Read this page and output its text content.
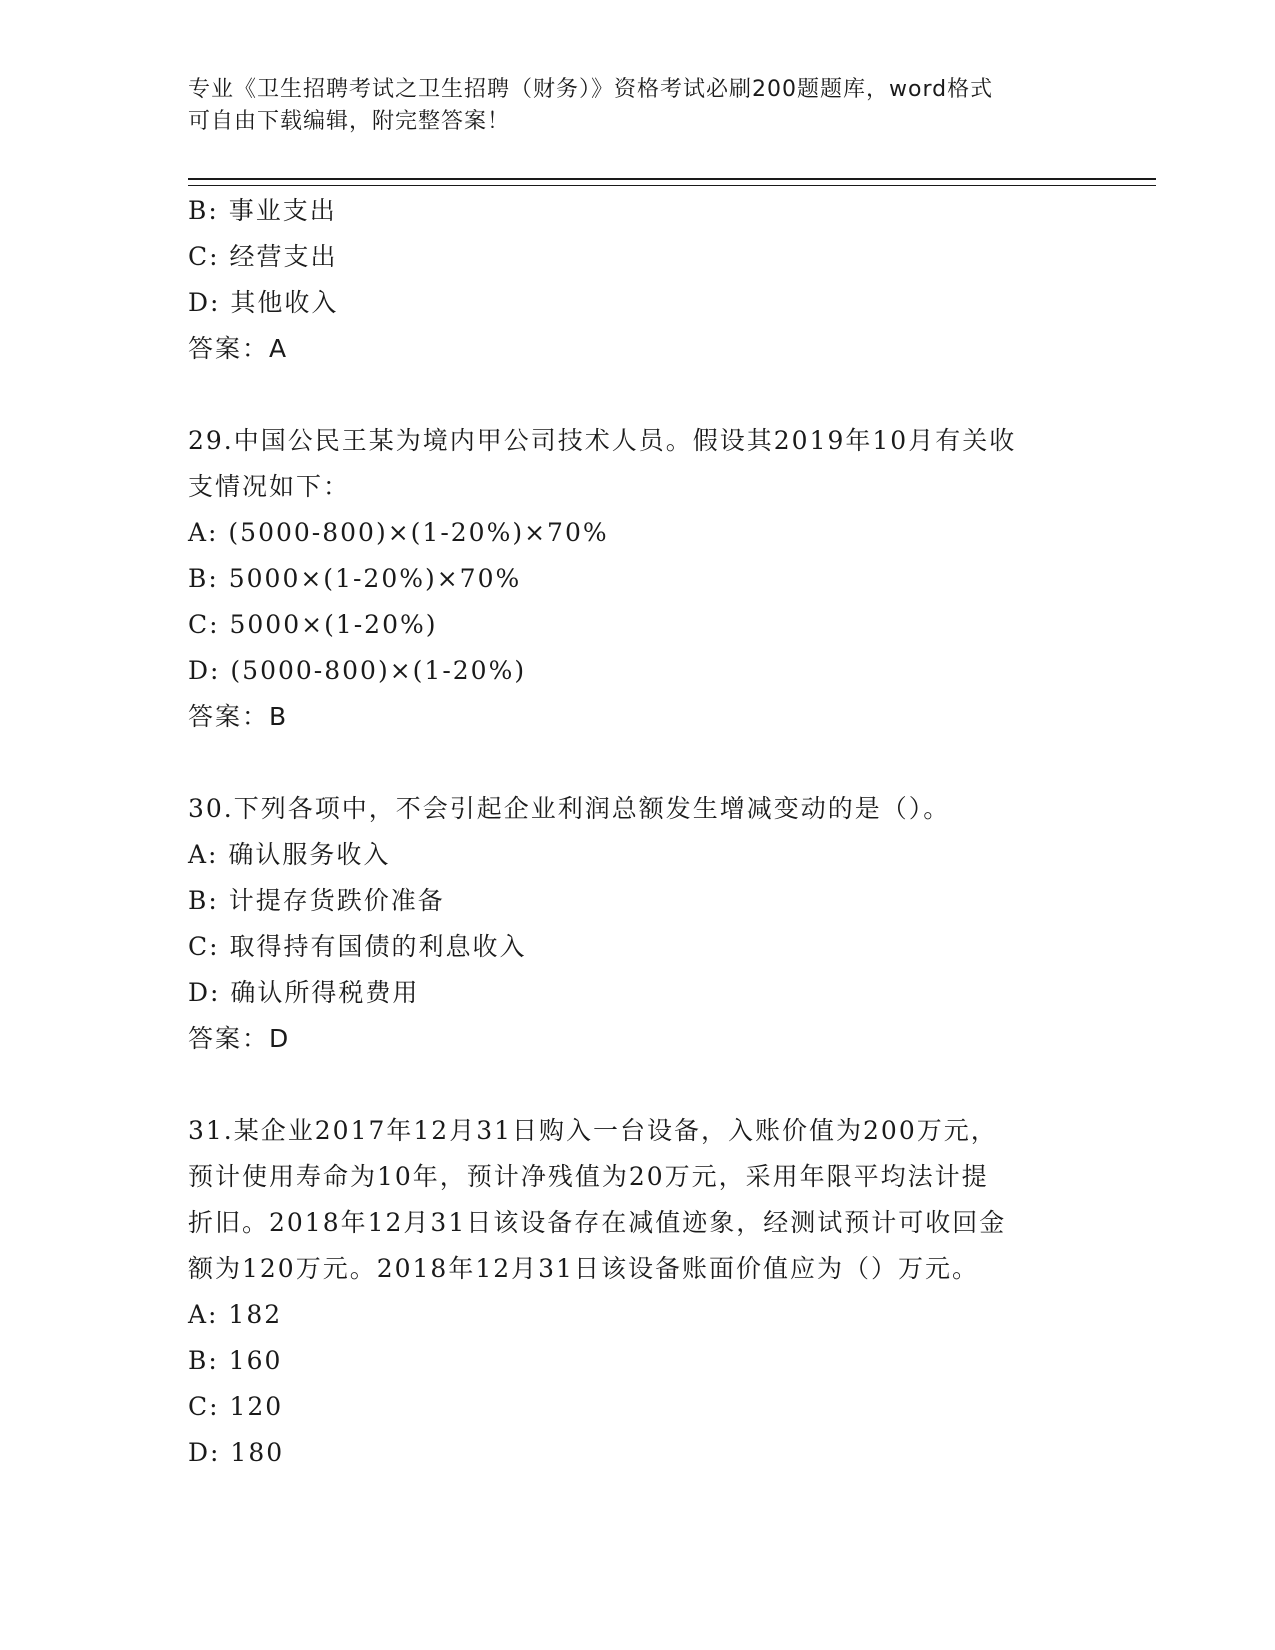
专业《卫生招聘考试之卫生招聘（财务）》资格考试必刷200题题库，word格式
可自由下载编辑，附完整答案！
B: 事业支出
C: 经营支出
D: 其他收入
答案：A
29.中国公民王某为境内甲公司技术人员。假设其2019年10月有关收
支情况如下：
A: (5000-800)×(1-20%)×70%
B: 5000×(1-20%)×70%
C: 5000×(1-20%)
D: (5000-800)×(1-20%)
答案：B
30.下列各项中，不会引起企业利润总额发生增减变动的是（）。
A: 确认服务收入
B: 计提存货跌价准备
C: 取得持有国债的利息收入
D: 确认所得税费用
答案：D
31.某企业2017年12月31日购入一台设备，入账价值为200万元，
预计使用寿命为10年，预计净残值为20万元，采用年限平均法计提
折旧。2018年12月31日该设备存在减值迹象，经测试预计可收回金
额为120万元。2018年12月31日该设备账面价值应为（）万元。
A: 182
B: 160
C: 120
D: 180
